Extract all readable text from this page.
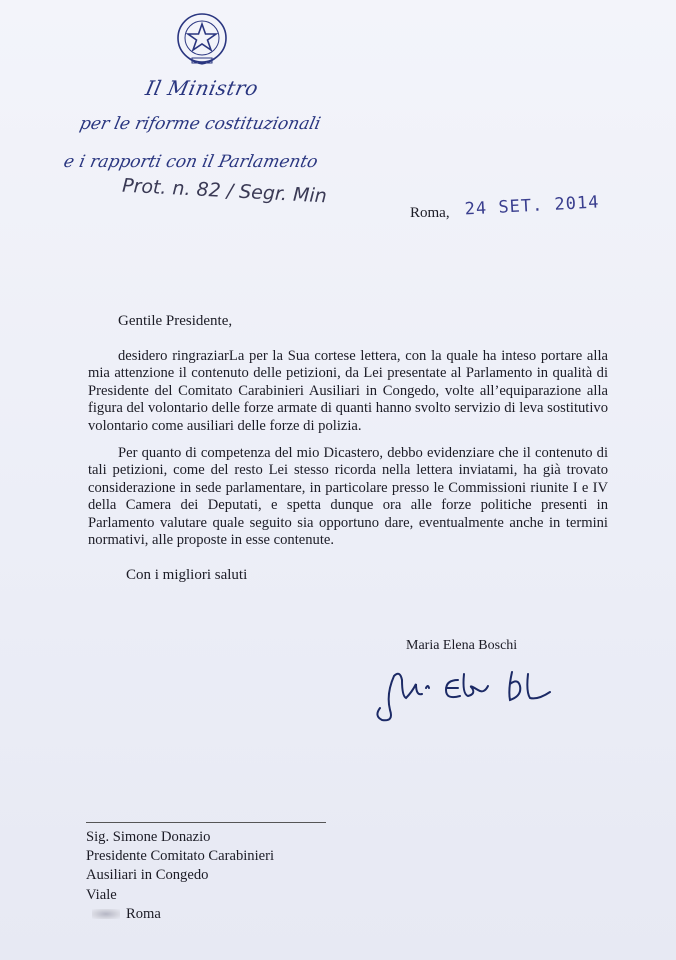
Il Ministro
per le riforme costituzionali
e i rapporti con il Parlamento
Prot. n. 82 / Segr. Min
Roma, 24 SET. 2014
Gentile Presidente,

desidero ringraziarLa per la Sua cortese lettera, con la quale ha inteso portare alla mia attenzione il contenuto delle petizioni, da Lei presentate al Parlamento in qualità di Presidente del Comitato Carabinieri Ausiliari in Congedo, volte all’equiparazione alla figura del volontario delle forze armate di quanti hanno svolto servizio di leva sostitutivo volontario come ausiliari delle forze di polizia.

Per quanto di competenza del mio Dicastero, debbo evidenziare che il contenuto di tali petizioni, come del resto Lei stesso ricorda nella lettera inviatami, ha già trovato considerazione in sede parlamentare, in particolare presso le Commissioni riunite I e IV della Camera dei Deputati, e spetta dunque ora alle forze politiche presenti in Parlamento valutare quale seguito sia opportuno dare, eventualmente anche in termini normativi, alle proposte in esse contenute.

Con i migliori saluti
Maria Elena Boschi
Sig. Simone Donazio
Presidente Comitato Carabinieri
Ausiliari in Congedo
Viale
Roma
